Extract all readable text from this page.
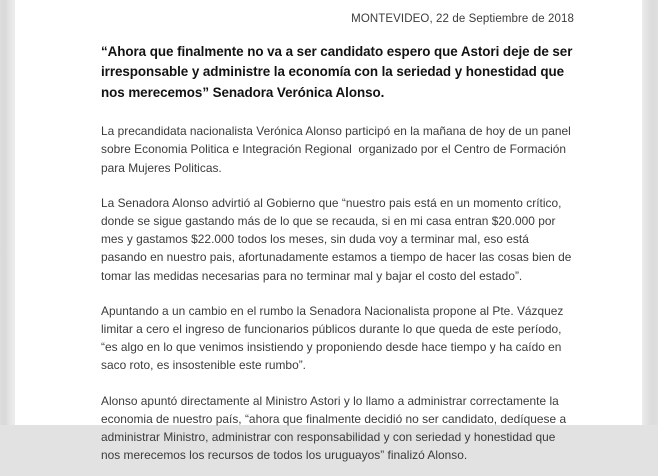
MONTEVIDEO, 22 de Septiembre de 2018
“Ahora que finalmente no va a ser candidato espero que Astori deje de ser irresponsable y administre la economía con la seriedad y honestidad que nos merecemos” Senadora Verónica Alonso.

La precandidata nacionalista Verónica Alonso participó en la mañana de hoy de un panel sobre Economia Politica e Integración Regional  organizado por el Centro de Formación para Mujeres Politicas.

La Senadora Alonso advirtió al Gobierno que “nuestro pais está en un momento crítico, donde se sigue gastando más de lo que se recauda, si en mi casa entran $20.000 por mes y gastamos $22.000 todos los meses, sin duda voy a terminar mal, eso está pasando en nuestro pais, afortunadamente estamos a tiempo de hacer las cosas bien de tomar las medidas necesarias para no terminar mal y bajar el costo del estado”.

Apuntando a un cambio en el rumbo la Senadora Nacionalista propone al Pte. Vázquez limitar a cero el ingreso de funcionarios públicos durante lo que queda de este período, “es algo en lo que venimos insistiendo y proponiendo desde hace tiempo y ha caído en saco roto, es insostenible este rumbo”.

Alonso apuntó directamente al Ministro Astori y lo llamo a administrar correctamente la economia de nuestro país, “ahora que finalmente decidió no ser candidato, dedíquese a administrar Ministro, administrar con responsabilidad y con seriedad y honestidad que nos merecemos los recursos de todos los uruguayos” finalizó Alonso.
